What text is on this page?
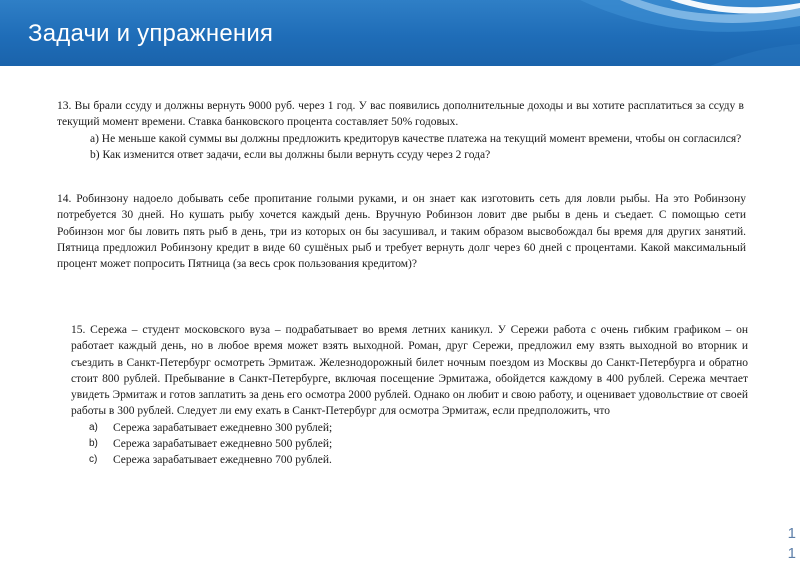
Задачи и упражнения

13. Вы брали ссуду и должны вернуть 9000 руб. через 1 год. У вас появились дополнительные доходы и вы хотите расплатиться за ссуду в текущий момент времени. Ставка банковского процента составляет 50% годовых.

а) Не меньше какой суммы вы должны предложить кредиторув качестве платежа на текущий момент времени, чтобы он согласился?

b) Как изменится ответ задачи, если вы должны были вернуть ссуду через 2 года?

14. Робинзону надоело добывать себе пропитание голыми руками, и он знает как изготовить сеть для ловли рыбы. На это Робинзону потребуется 30 дней. Но кушать рыбу хочется каждый день. Вручную Робинзон ловит две рыбы в день и съедает. С помощью сети Робинзон мог бы ловить пять рыб в день, три из которых он бы засушивал, и таким образом высвобождал бы время для других занятий. Пятница предложил Робинзону кредит в виде 60 сушёных рыб и требует вернуть долг через 60 дней с процентами. Какой максимальный процент может попросить Пятница (за весь срок пользования кредитом)?

15. Сережа – студент московского вуза – подрабатывает во время летних каникул. У Сережи работа с очень гибким графиком – он работает каждый день, но в любое время может взять выходной. Роман, друг Сережи, предложил ему взять выходной во вторник и съездить в Санкт-Петербург осмотреть Эрмитаж. Железнодорожный билет ночным поездом из Москвы до Санкт-Петербурга и обратно стоит 800 рублей. Пребывание в Санкт-Петербурге, включая посещение Эрмитажа, обойдется каждому в 400 рублей. Сережа мечтает увидеть Эрмитаж и готов заплатить за день его осмотра 2000 рублей. Однако он любит и свою работу, и оценивает удовольствие от своей работы в 300 рублей. Следует ли ему ехать в Санкт-Петербург для осмотра Эрмитаж, если предположить, что

a)	Сережа зарабатывает ежедневно 300 рублей;
b)	Сережа зарабатывает ежедневно 500 рублей;
c)	Сережа зарабатывает ежедневно 700 рублей.
1
1
